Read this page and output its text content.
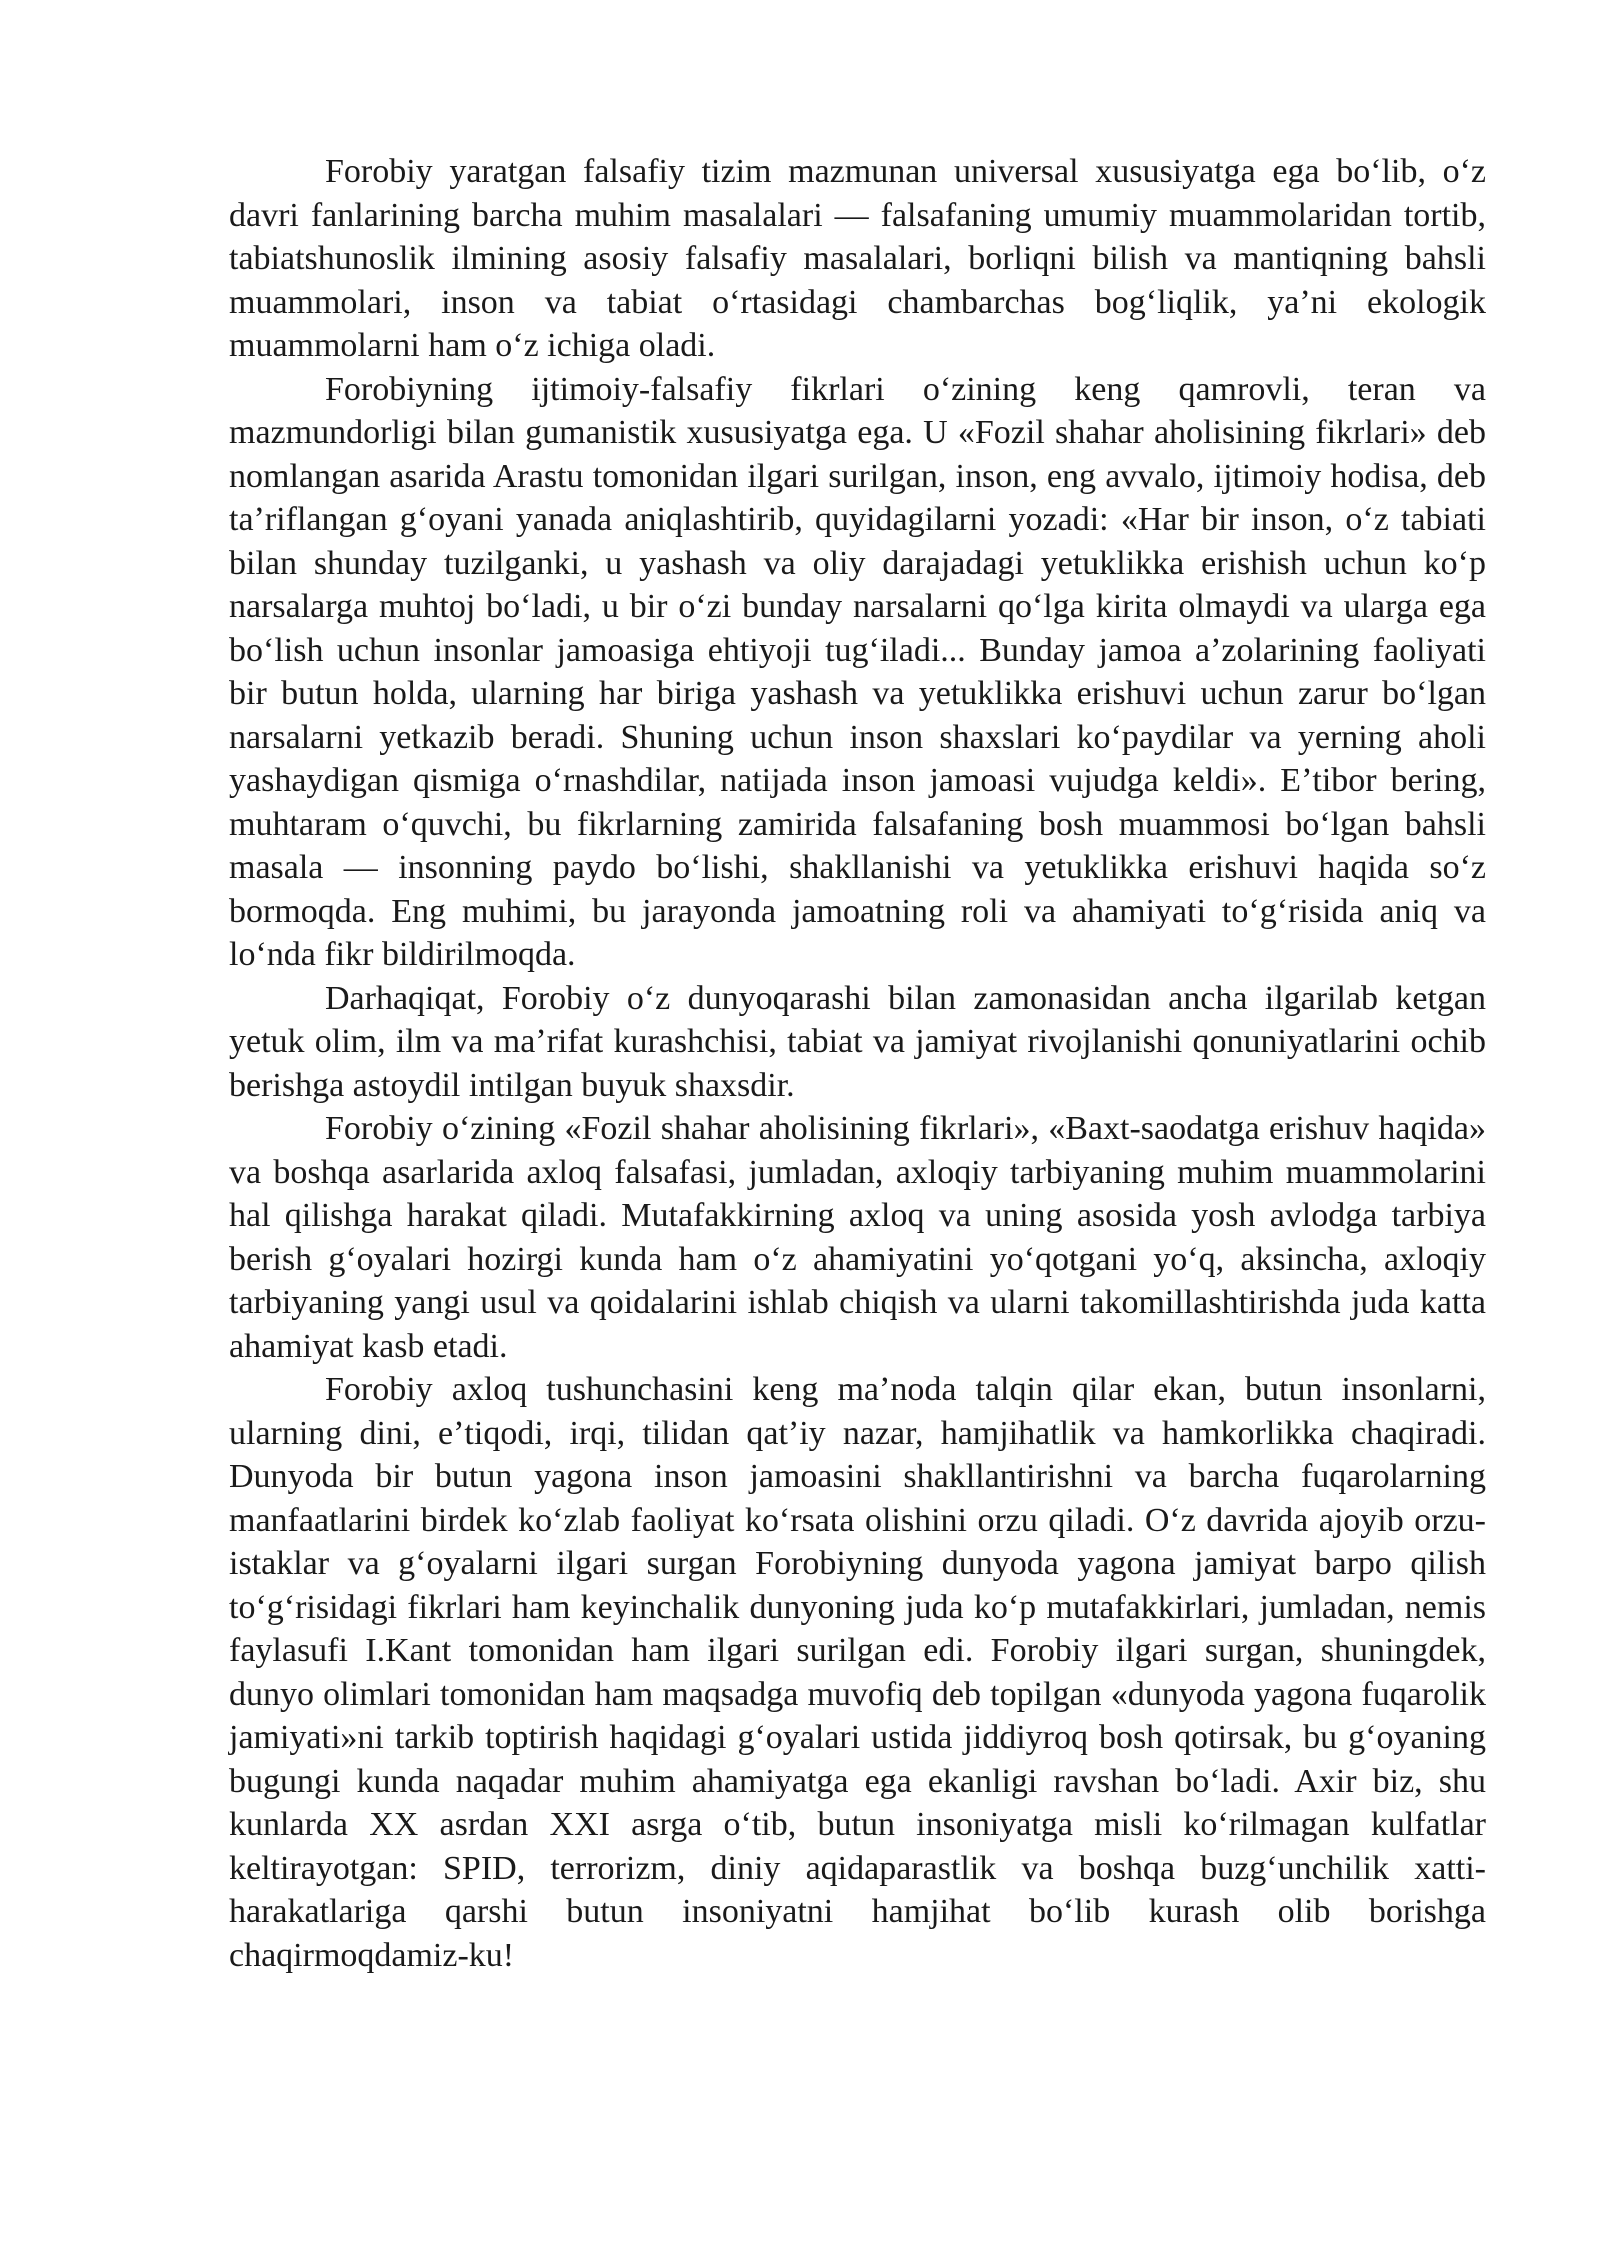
Forobiy yaratgan falsafiy tizim mazmunan universal xususiyatga ega boʻlib, oʻz davri fanlarining barcha muhim masalalari — falsafaning umumiy muammolaridan tortib, tabiatshunoslik ilmining asosiy falsafiy masalalari, borliqni bilish va mantiqning bahsli muammolari, inson va tabiat oʻrtasidagi chambarchas bogʻliqlik, yaʼni ekologik muammolarni ham oʻz ichiga oladi.

Forobiyning ijtimoiy-falsafiy fikrlari oʻzining keng qamrovli, teran va mazmundorligi bilan gumanistik xususiyatga ega. U «Fozil shahar aholisining fikrlari» deb nomlangan asarida Arastu tomonidan ilgari surilgan, inson, eng avvalo, ijtimoiy hodisa, deb taʼriflangan gʻoyani yanada aniqlashtirib, quyidagilarni yozadi: «Har bir inson, oʻz tabiati bilan shunday tuzilganki, u yashash va oliy darajadagi yetuklikka erishish uchun koʻp narsalarga muhtoj boʻladi, u bir oʻzi bunday narsalarni qoʻlga kirita olmaydi va ularga ega boʻlish uchun insonlar jamoasiga ehtiyoji tugʻiladi... Bunday jamoa aʼzolarining faoliyati bir butun holda, ularning har biriga yashash va yetuklikka erishuvi uchun zarur boʻlgan narsalarni yetkazib beradi. Shuning uchun inson shaxslari koʻpaydilar va yerning aholi yashaydigan qismiga oʻrnashdilar, natijada inson jamoasi vujudga keldi». Eʼtibor bering, muhtaram oʻquvchi, bu fikrlarning zamirida falsafaning bosh muammosi boʻlgan bahsli masala — insonning paydo boʻlishi, shakllanishi va yetuklikka erishuvi haqida soʻz bormoqda. Eng muhimi, bu jarayonda jamoatning roli va ahamiyati toʻgʻrisida aniq va loʻnda fikr bildirilmoqda.

Darhaqiqat, Forobiy oʻz dunyoqarashi bilan zamonasidan ancha ilgarilab ketgan yetuk olim, ilm va maʼrifat kurashchisi, tabiat va jamiyat rivojlanishi qonuniyatlarini ochib berishga astoydil intilgan buyuk shaxsdir.

Forobiy oʻzining «Fozil shahar aholisining fikrlari», «Baxt-saodatga erishuv haqida» va boshqa asarlarida axloq falsafasi, jumladan, axloqiy tarbiyaning muhim muammolarini hal qilishga harakat qiladi. Mutafakkirning axloq va uning asosida yosh avlodga tarbiya berish gʻoyalari hozirgi kunda ham oʻz ahamiyatini yoʻqotgani yoʻq, aksincha, axloqiy tarbiyaning yangi usul va qoidalarini ishlab chiqish va ularni takomillashtirishda juda katta ahamiyat kasb etadi.

Forobiy axloq tushunchasini keng maʼnoda talqin qilar ekan, butun insonlarni, ularning dini, eʼtiqodi, irqi, tilidan qatʼiy nazar, hamjihatlik va hamkorlikka chaqiradi. Dunyoda bir butun yagona inson jamoasini shakllantirishni va barcha fuqarolarning manfaatlarini birdek koʻzlab faoliyat koʻrsata olishini orzu qiladi. Oʻz davrida ajoyib orzu-istaklar va gʻoyalarni ilgari surgan Forobiyning dunyoda yagona jamiyat barpo qilish toʻgʻrisidagi fikrlari ham keyinchalik dunyoning juda koʻp mutafakkirlari, jumladan, nemis faylasufi I.Kant tomonidan ham ilgari surilgan edi. Forobiy ilgari surgan, shuningdek, dunyo olimlari tomonidan ham maqsadga muvofiq deb topilgan «dunyoda yagona fuqarolik jamiyati»ni tarkib toptirish haqidagi gʻoyalari ustida jiddiyroq bosh qotirsak, bu gʻoyaning bugungi kunda naqadar muhim ahamiyatga ega ekanligi ravshan boʻladi. Axir biz, shu kunlarda XX asrdan XXI asrga oʻtib, butun insoniyatga misli koʻrilmagan kulfatlar keltirayotgan: SPID, terrorizm, diniy aqidaparastlik va boshqa buzgʻunchilik xatti-harakatlariga qarshi butun insoniyatni hamjihat boʻlib kurash olib borishga chaqirmoqdamiz-ku!
